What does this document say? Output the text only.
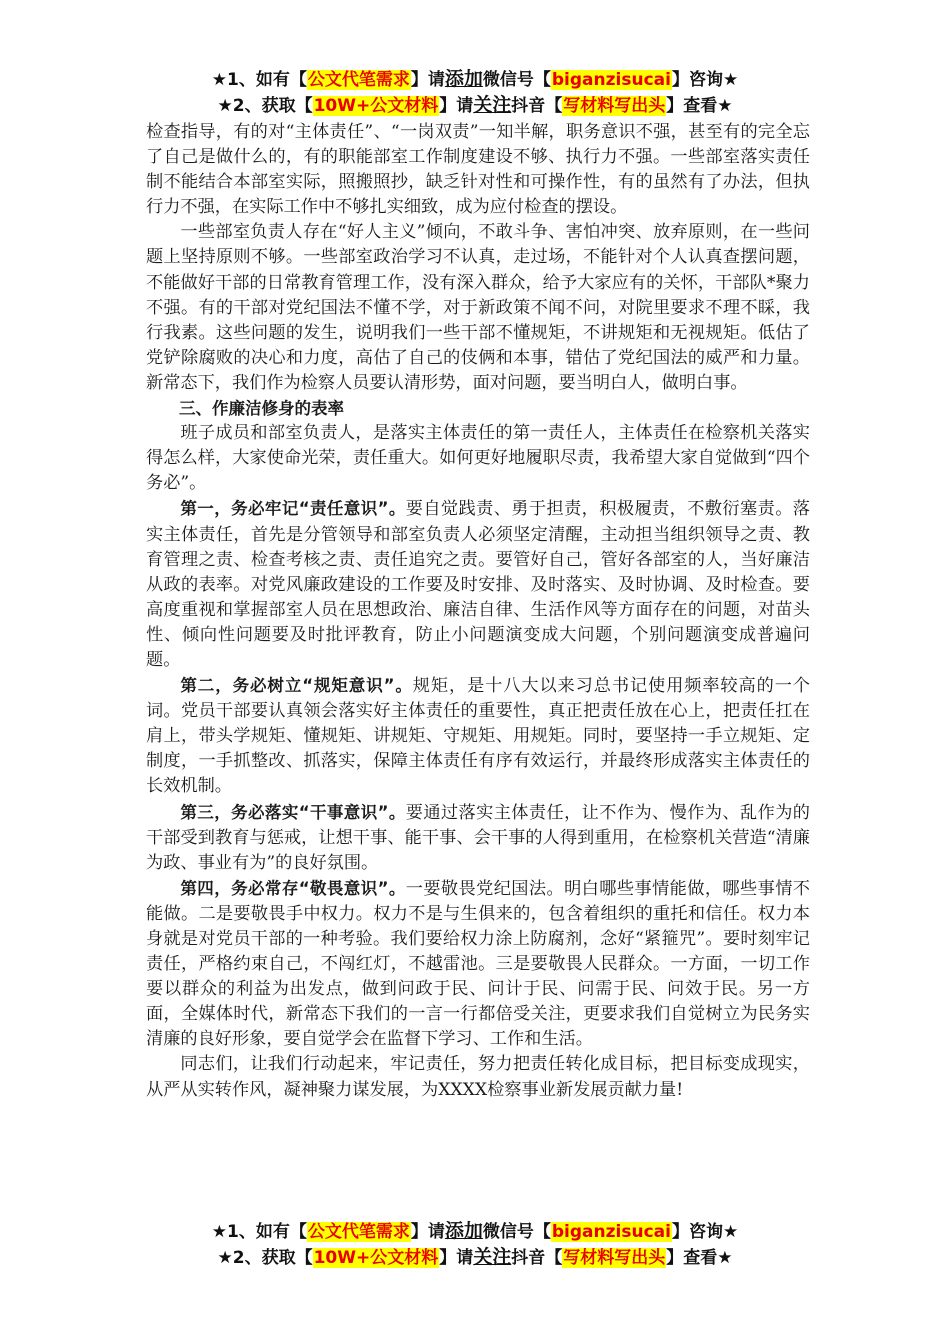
★1、如有【公文代笔需求】请添加微信号【biganzisucai】咨询★
★2、获取【10W+公文材料】请关注抖音【写材料写出头】查看★

检查指导，有的对“主体责任”、“一岗双责”一知半解，职务意识不强，甚至有的完全忘了自己是做什么的，有的职能部室工作制度建设不够、执行力不强。一些部室落实责任制不能结合本部室实际，照搬照抄，缺乏针对性和可操作性，有的虽然有了办法，但执行力不强，在实际工作中不够扎实细致，成为应付检查的摆设。

一些部室负责人存在“好人主义”倾向，不敢斗争、害怕冲突、放弃原则，在一些问题上坚持原则不够。一些部室政治学习不认真，走过场，不能针对个人认真查摆问题，不能做好干部的日常教育管理工作，没有深入群众，给予大家应有的关怀，干部队*聚力不强。有的干部对党纪国法不懂不学，对于新政策不闻不问，对院里要求不理不睬，我行我素。这些问题的发生，说明我们一些干部不懂规矩，不讲规矩和无视规矩。低估了党铲除腐败的决心和力度，高估了自己的伎俩和本事，错估了党纪国法的威严和力量。新常态下，我们作为检察人员要认清形势，面对问题，要当明白人，做明白事。

三、作廉洁修身的表率

班子成员和部室负责人，是落实主体责任的第一责任人，主体责任在检察机关落实得怎么样，大家使命光荣，责任重大。如何更好地履职尽责，我希望大家自觉做到“四个务必”。

第一，务必牢记“责任意识”。要自觉践责、勇于担责，积极履责，不敷衍塞责。落实主体责任，首先是分管领导和部室负责人必须坚定清醒，主动担当组织领导之责、教育管理之责、检查考核之责、责任追究之责。要管好自己，管好各部室的人，当好廉洁从政的表率。对党风廉政建设的工作要及时安排、及时落实、及时协调、及时检查。要高度重视和掌握部室人员在思想政治、廉洁自律、生活作风等方面存在的问题，对苗头性、倾向性问题要及时批评教育，防止小问题演变成大问题，个别问题演变成普遍问题。

第二，务必树立“规矩意识”。规矩，是十八大以来习总书记使用频率较高的一个词。党员干部要认真领会落实好主体责任的重要性，真正把责任放在心上，把责任扛在肩上，带头学规矩、懂规矩、讲规矩、守规矩、用规矩。同时，要坚持一手立规矩、定制度，一手抓整改、抓落实，保障主体责任有序有效运行，并最终形成落实主体责任的长效机制。

第三，务必落实“干事意识”。要通过落实主体责任，让不作为、慢作为、乱作为的干部受到教育与惩戒，让想干事、能干事、会干事的人得到重用，在检察机关营造“清廉为政、事业有为”的良好氛围。

第四，务必常存“敬畏意识”。一要敬畏党纪国法。明白哪些事情能做，哪些事情不能做。二是要敬畏手中权力。权力不是与生俱来的，包含着组织的重托和信任。权力本身就是对党员干部的一种考验。我们要给权力涂上防腐剂，念好“紧箍咒”。要时刻牢记责任，严格约束自己，不闯红灯，不越雷池。三是要敬畏人民群众。一方面，一切工作要以群众的利益为出发点，做到问政于民、问计于民、问需于民、问效于民。另一方面，全媒体时代，新常态下我们的一言一行都倍受关注，更要求我们自觉树立为民务实清廉的良好形象，要自觉学会在监督下学习、工作和生活。

同志们，让我们行动起来，牢记责任，努力把责任转化成目标，把目标变成现实，从严从实转作风，凝神聚力谋发展，为XXXX检察事业新发展贡献力量!

★1、如有【公文代笔需求】请添加微信号【biganzisucai】咨询★
★2、获取【10W+公文材料】请关注抖音【写材料写出头】查看★
